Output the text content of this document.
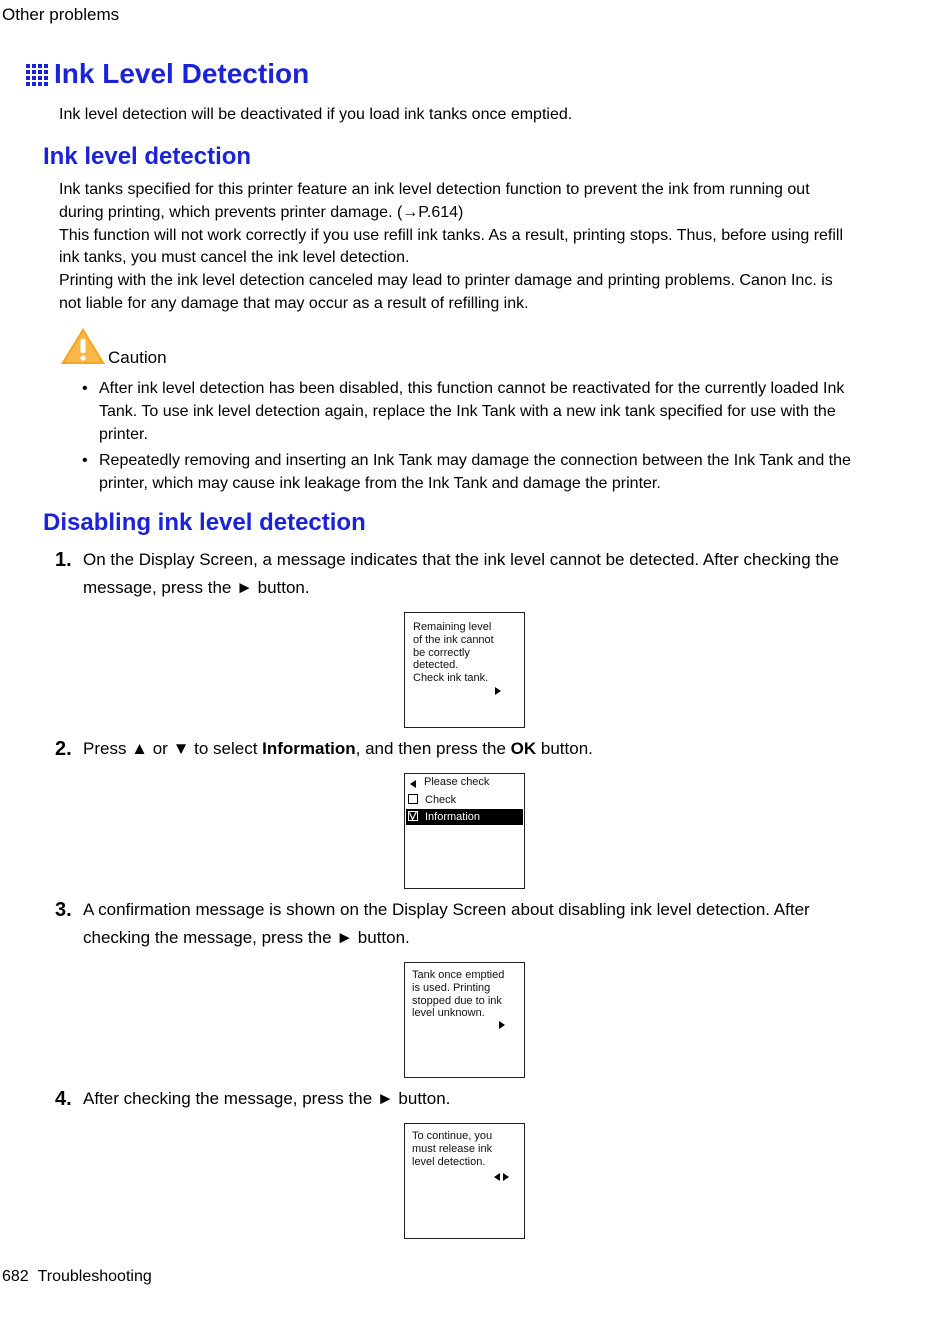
Other problems
Ink Level Detection
Ink level detection will be deactivated if you load ink tanks once emptied.
Ink level detection
Ink tanks specified for this printer feature an ink level detection function to prevent the ink from running out during printing, which prevents printer damage. (→P.614)
This function will not work correctly if you use refill ink tanks. As a result, printing stops. Thus, before using refill ink tanks, you must cancel the ink level detection.
Printing with the ink level detection canceled may lead to printer damage and printing problems. Canon Inc. is not liable for any damage that may occur as a result of refilling ink.
Caution
• After ink level detection has been disabled, this function cannot be reactivated for the currently loaded Ink Tank. To use ink level detection again, replace the Ink Tank with a new ink tank specified for use with the printer.
• Repeatedly removing and inserting an Ink Tank may damage the connection between the Ink Tank and the printer, which may cause ink leakage from the Ink Tank and damage the printer.
Disabling ink level detection
1. On the Display Screen, a message indicates that the ink level cannot be detected. After checking the message, press the ► button.
Remaining level
of the ink cannot
be correctly
detected.
Check ink tank.
2. Press ▲ or ▼ to select Information, and then press the OK button.
Please check
Check
Information
3. A confirmation message is shown on the Display Screen about disabling ink level detection. After checking the message, press the ► button.
Tank once emptied
is used. Printing
stopped due to ink
level unknown.
4. After checking the message, press the ► button.
To continue, you
must release ink
level detection.
682 Troubleshooting
